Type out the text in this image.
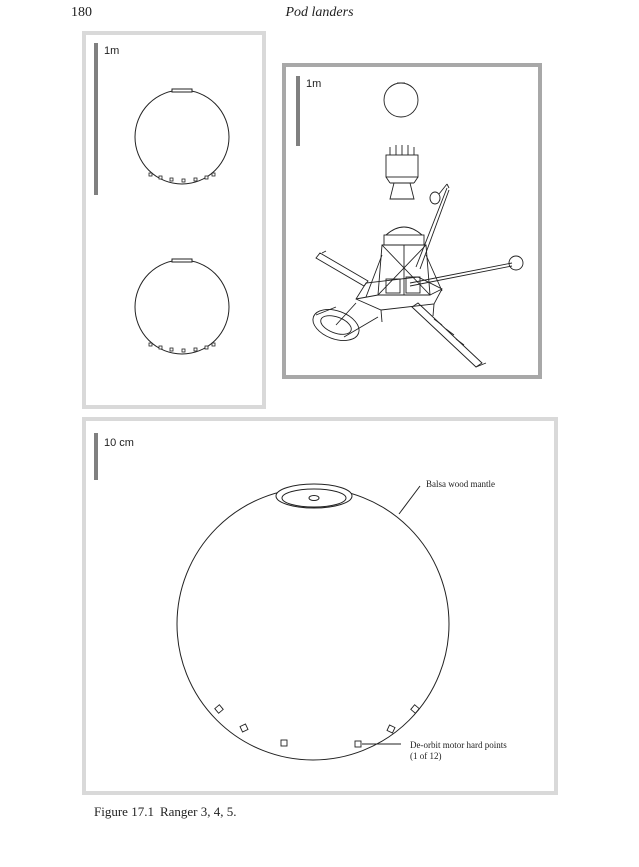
180	Pod landers
1m
1m
10 cm
Balsa wood mantle
De-orbit motor hard points
(1 of 12)
Figure 17.1 Ranger 3, 4, 5.
